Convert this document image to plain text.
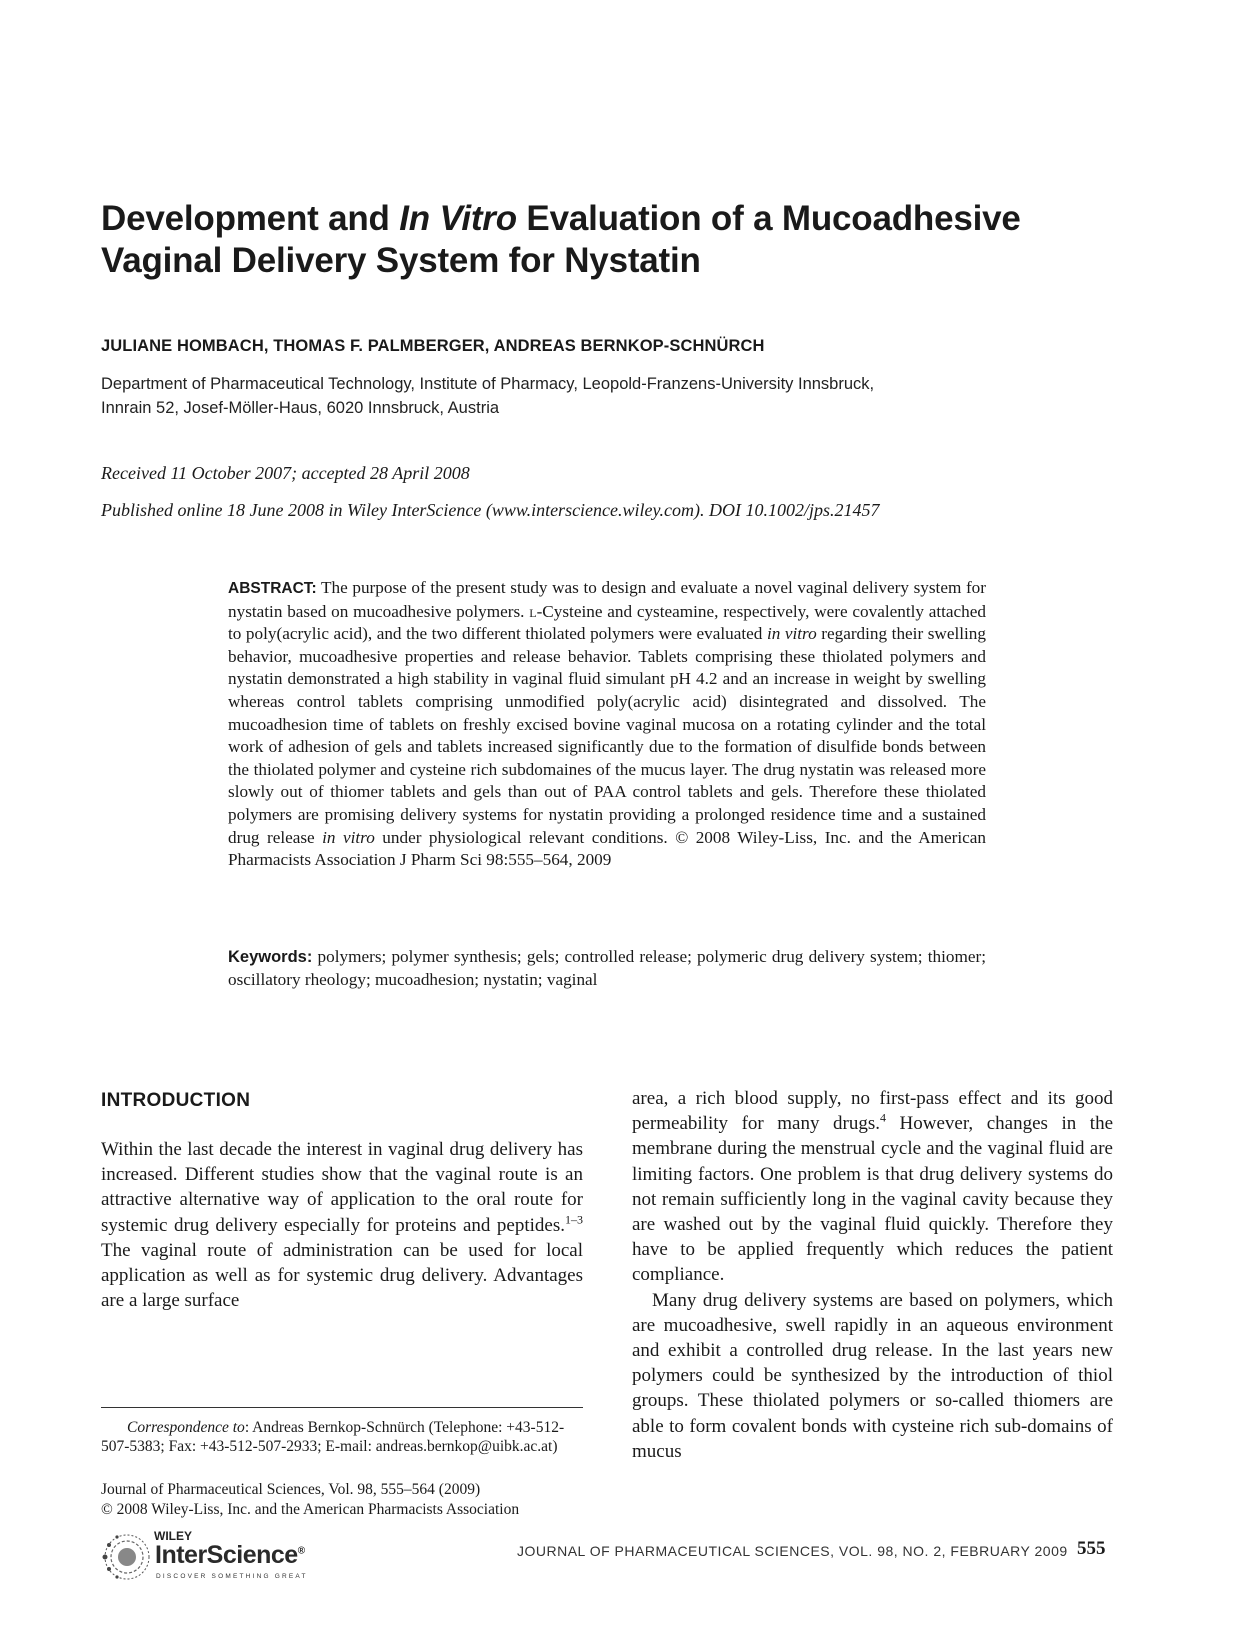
Development and In Vitro Evaluation of a Mucoadhesive Vaginal Delivery System for Nystatin
JULIANE HOMBACH, THOMAS F. PALMBERGER, ANDREAS BERNKOP-SCHNÜRCH
Department of Pharmaceutical Technology, Institute of Pharmacy, Leopold-Franzens-University Innsbruck,
Innrain 52, Josef-Möller-Haus, 6020 Innsbruck, Austria
Received 11 October 2007; accepted 28 April 2008
Published online 18 June 2008 in Wiley InterScience (www.interscience.wiley.com). DOI 10.1002/jps.21457
ABSTRACT: The purpose of the present study was to design and evaluate a novel vaginal delivery system for nystatin based on mucoadhesive polymers. l-Cysteine and cysteamine, respectively, were covalently attached to poly(acrylic acid), and the two different thiolated polymers were evaluated in vitro regarding their swelling behavior, mucoadhesive properties and release behavior. Tablets comprising these thiolated polymers and nystatin demonstrated a high stability in vaginal fluid simulant pH 4.2 and an increase in weight by swelling whereas control tablets comprising unmodified poly(acrylic acid) disintegrated and dissolved. The mucoadhesion time of tablets on freshly excised bovine vaginal mucosa on a rotating cylinder and the total work of adhesion of gels and tablets increased significantly due to the formation of disulfide bonds between the thiolated polymer and cysteine rich subdomaines of the mucus layer. The drug nystatin was released more slowly out of thiomer tablets and gels than out of PAA control tablets and gels. Therefore these thiolated polymers are promising delivery systems for nystatin providing a prolonged residence time and a sustained drug release in vitro under physiological relevant conditions. © 2008 Wiley-Liss, Inc. and the American Pharmacists Association J Pharm Sci 98:555–564, 2009
Keywords: polymers; polymer synthesis; gels; controlled release; polymeric drug delivery system; thiomer; oscillatory rheology; mucoadhesion; nystatin; vaginal
INTRODUCTION

Within the last decade the interest in vaginal drug delivery has increased. Different studies show that the vaginal route is an attractive alternative way of application to the oral route for systemic drug delivery especially for proteins and peptides.$^{1-3}$ The vaginal route of administration can be used for local application as well as for systemic drug delivery. Advantages are a large surface

area, a rich blood supply, no first-pass effect and its good permeability for many drugs.$^4$ However, changes in the membrane during the menstrual cycle and the vaginal fluid are limiting factors. One problem is that drug delivery systems do not remain sufficiently long in the vaginal cavity because they are washed out by the vaginal fluid quickly. Therefore they have to be applied frequently which reduces the patient compliance.

Many drug delivery systems are based on polymers, which are mucoadhesive, swell rapidly in an aqueous environment and exhibit a controlled drug release. In the last years new polymers could be synthesized by the introduction of thiol groups. These thiolated polymers or so-called thiomers are able to form covalent bonds with cysteine rich sub-domains of mucus

Correspondence to: Andreas Bernkop-Schnürch (Telephone: +43-512-507-5383; Fax: +43-512-507-2933; E-mail: andreas.bernkop@uibk.ac.at)
Journal of Pharmaceutical Sciences, Vol. 98, 555–564 (2009)
© 2008 Wiley-Liss, Inc. and the American Pharmacists Association
WILEY
InterScience®
DISCOVER SOMETHING GREAT
JOURNAL OF PHARMACEUTICAL SCIENCES, VOL. 98, NO. 2, FEBRUARY 2009 555
